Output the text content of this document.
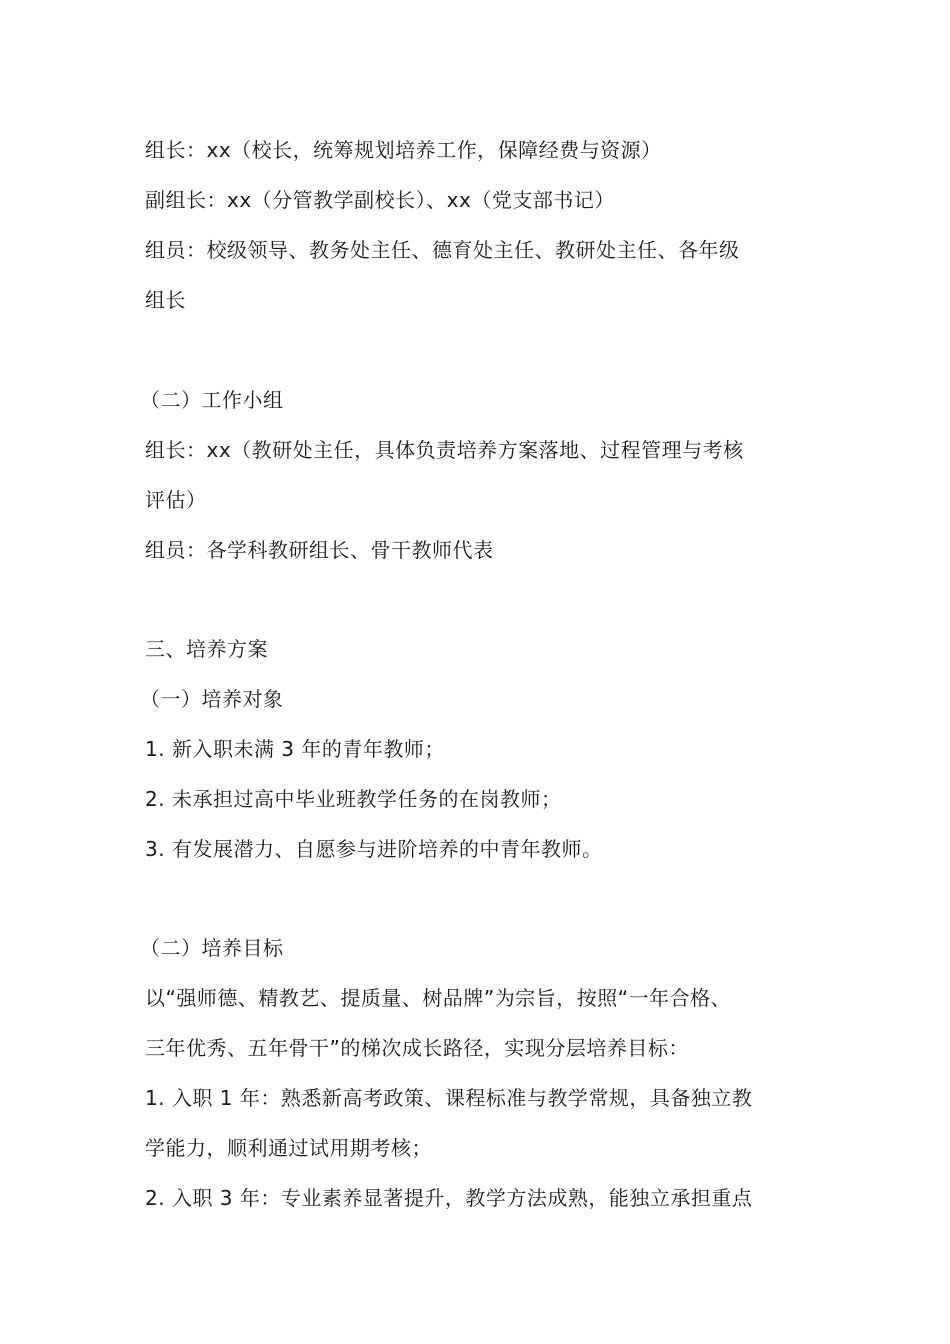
组长：xx（校长，统筹规划培养工作，保障经费与资源）
副组长：xx（分管教学副校长）、xx（党支部书记）
组员：校级领导、教务处主任、德育处主任、教研处主任、各年级
组长
（二）工作小组
组长：xx（教研处主任，具体负责培养方案落地、过程管理与考核
评估）
组员：各学科教研组长、骨干教师代表
三、培养方案
（一）培养对象
1. 新入职未满 3 年的青年教师；
2. 未承担过高中毕业班教学任务的在岗教师；
3. 有发展潜力、自愿参与进阶培养的中青年教师。
（二）培养目标
以“强师德、精教艺、提质量、树品牌”为宗旨，按照“一年合格、
三年优秀、五年骨干”的梯次成长路径，实现分层培养目标：
1. 入职 1 年：熟悉新高考政策、课程标准与教学常规，具备独立教
学能力，顺利通过试用期考核；
2. 入职 3 年：专业素养显著提升，教学方法成熟，能独立承担重点
